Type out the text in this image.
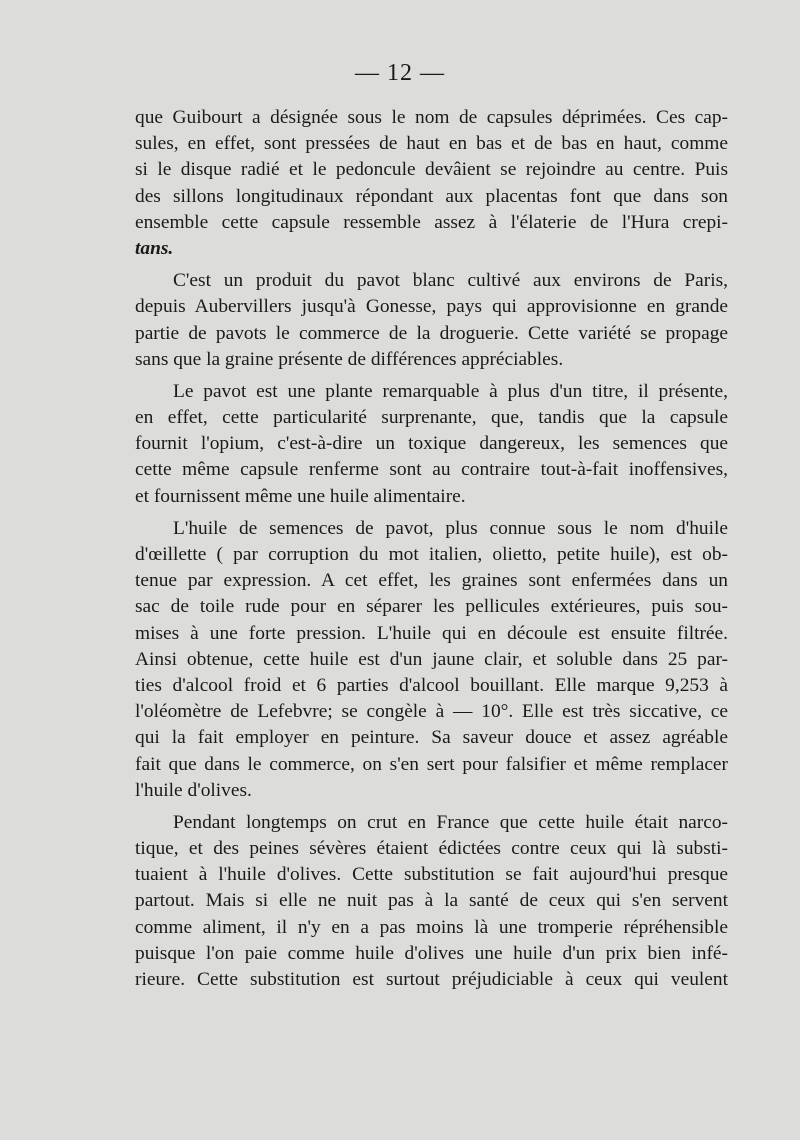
— 12 —
que Guibourt a désignée sous le nom de capsules déprimées. Ces cap-
sules, en effet, sont pressées de haut en bas et de bas en haut, comme
si le disque radié et le pedoncule devâient se rejoindre au centre. Puis
des sillons longitudinaux répondant aux placentas font que dans son
ensemble cette capsule ressemble assez à l'élaterie de l'Hura crepi-
tans.
C'est un produit du pavot blanc cultivé aux environs de Paris,
depuis Aubervillers jusqu'à Gonesse, pays qui approvisionne en grande
partie de pavots le commerce de la droguerie. Cette variété se propage
sans que la graine présente de différences appréciables.
Le pavot est une plante remarquable à plus d'un titre, il présente,
en effet, cette particularité surprenante, que, tandis que la capsule
fournit l'opium, c'est-à-dire un toxique dangereux, les semences que
cette même capsule renferme sont au contraire tout-à-fait inoffensives,
et fournissent même une huile alimentaire.
L'huile de semences de pavot, plus connue sous le nom d'huile
d'œillette ( par corruption du mot italien, olietto, petite huile), est ob-
tenue par expression. A cet effet, les graines sont enfermées dans un
sac de toile rude pour en séparer les pellicules extérieures, puis sou-
mises à une forte pression. L'huile qui en découle est ensuite filtrée.
Ainsi obtenue, cette huile est d'un jaune clair, et soluble dans 25 par-
ties d'alcool froid et 6 parties d'alcool bouillant. Elle marque 9,253 à
l'oléomètre de Lefebvre; se congèle à — 10°. Elle est très siccative, ce
qui la fait employer en peinture. Sa saveur douce et assez agréable
fait que dans le commerce, on s'en sert pour falsifier et même remplacer
l'huile d'olives.
Pendant longtemps on crut en France que cette huile était narco-
tique, et des peines sévères étaient édictées contre ceux qui là substi-
tuaient à l'huile d'olives. Cette substitution se fait aujourd'hui presque
partout. Mais si elle ne nuit pas à la santé de ceux qui s'en servent
comme aliment, il n'y en a pas moins là une tromperie répréhensible
puisque l'on paie comme huile d'olives une huile d'un prix bien infé-
rieure. Cette substitution est surtout préjudiciable à ceux qui veulent
